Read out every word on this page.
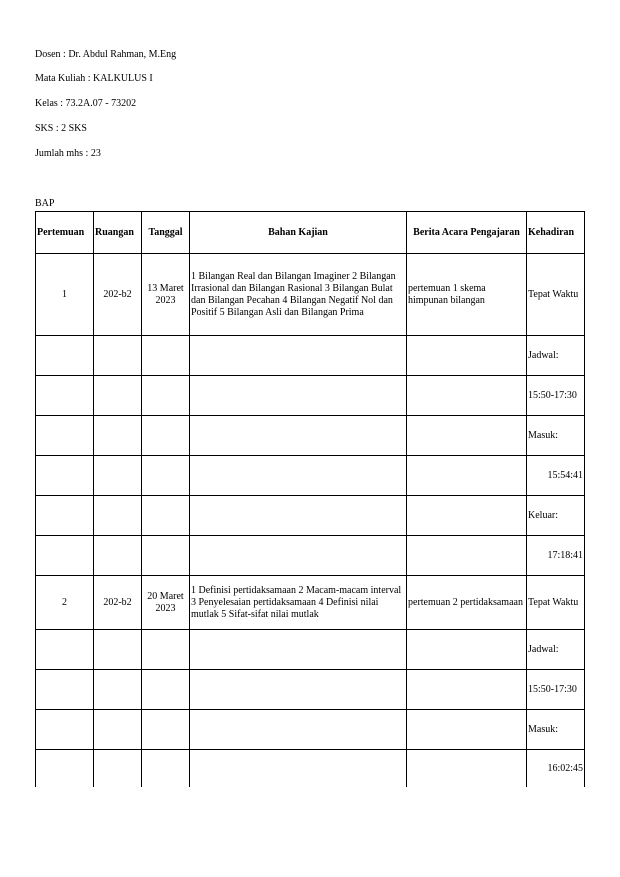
Dosen : Dr. Abdul Rahman, M.Eng
Mata Kuliah : KALKULUS I
Kelas : 73.2A.07 - 73202
SKS : 2 SKS
Jumlah mhs : 23
BAP
Pertemuan	Ruangan	Tanggal	Bahan Kajian	Berita Acara Pengajaran	Kehadiran
1	202-b2	13 Maret 2023	1 Bilangan Real dan Bilangan Imaginer 2 Bilangan Irrasional dan Bilangan Rasional 3 Bilangan Bulat dan Bilangan Pecahan 4 Bilangan Negatif Nol dan Positif 5 Bilangan Asli dan Bilangan Prima	pertemuan 1 skema himpunan bilangan	Tepat Waktu
					Jadwal:
					15:50-17:30
					Masuk:
					15:54:41
					Keluar:
					17:18:41
2	202-b2	20 Maret 2023	1 Definisi pertidaksamaan 2 Macam-macam interval 3 Penyelesaian pertidaksamaan 4 Definisi nilai mutlak 5 Sifat-sifat nilai mutlak	pertemuan 2 pertidaksamaan	Tepat Waktu
					Jadwal:
					15:50-17:30
					Masuk:
					16:02:45
